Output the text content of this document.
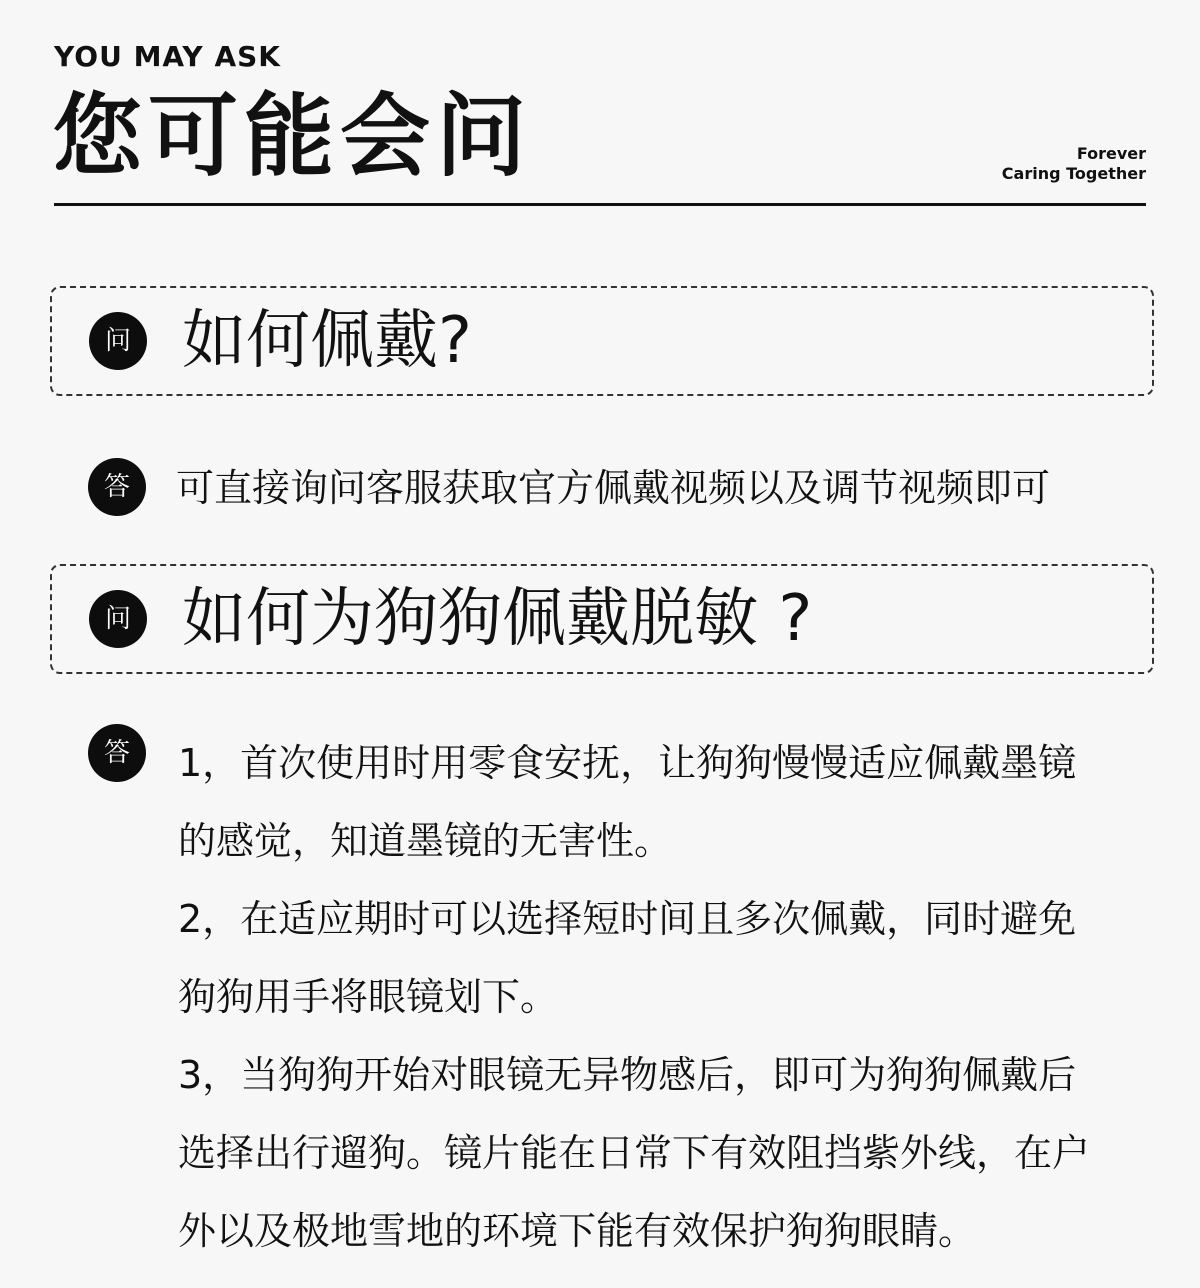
YOU MAY ASK
您可能会问	Forever
Caring Together
问 如何佩戴?
答	可直接询问客服获取官方佩戴视频以及调节视频即可
问 如何为狗狗佩戴脱敏 ?
答	1，首次使用时用零食安抚，让狗狗慢慢适应佩戴墨镜的感觉，知道墨镜的无害性。

2，在适应期时可以选择短时间且多次佩戴，同时避免狗狗用手将眼镜划下。

3，当狗狗开始对眼镜无异物感后，即可为狗狗佩戴后选择出行遛狗。镜片能在日常下有效阻挡紫外线，在户外以及极地雪地的环境下能有效保护狗狗眼睛。
